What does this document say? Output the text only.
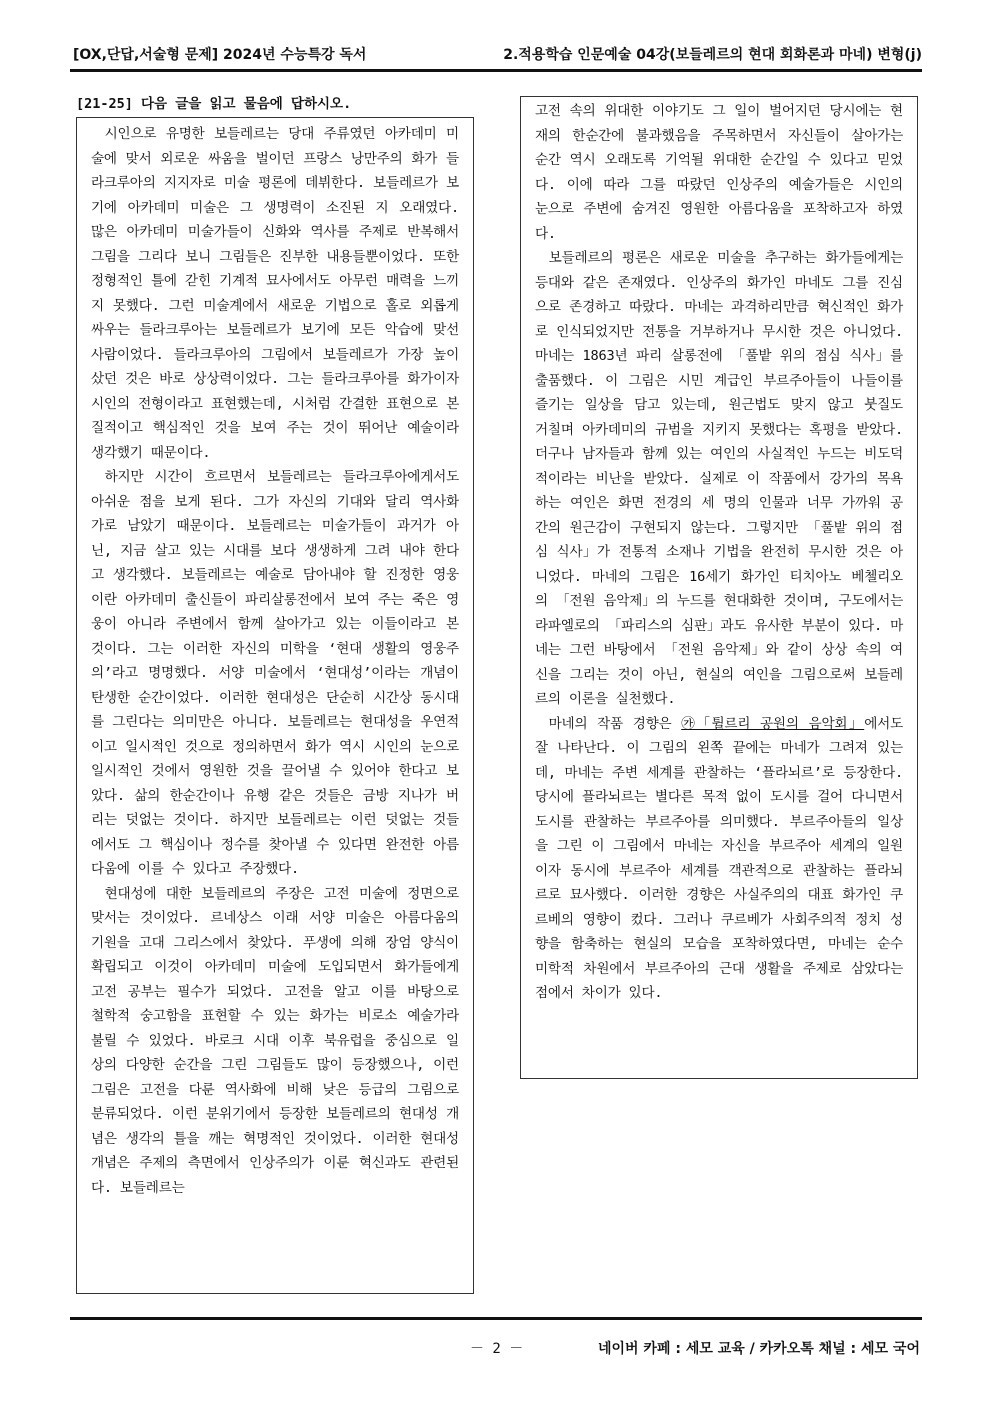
[OX,단답,서술형 문제] 2024년 수능특강 독서	2.적용학습 인문예술 04강(보들레르의 현대 회화론과 마네) 변형(j)
[21-25] 다음 글을 읽고 물음에 답하시오.

시인으로 유명한 보들레르는 당대 주류였던 아카데미 미술에 맞서 외로운 싸움을 벌이던 프랑스 낭만주의 화가 들라크루아의 지지자로 미술 평론에 데뷔한다. 보들레르가 보기에 아카데미 미술은 그 생명력이 소진된 지 오래였다. 많은 아카데미 미술가들이 신화와 역사를 주제로 반복해서 그림을 그리다 보니 그림들은 진부한 내용들뿐이었다. 또한 정형적인 틀에 갇힌 기계적 묘사에서도 아무런 매력을 느끼지 못했다. 그런 미술계에서 새로운 기법으로 홀로 외롭게 싸우는 들라크루아는 보들레르가 보기에 모든 악습에 맞선 사람이었다. 들라크루아의 그림에서 보들레르가 가장 높이 샀던 것은 바로 상상력이었다. 그는 들라크루아를 화가이자 시인의 전형이라고 표현했는데, 시처럼 간결한 표현으로 본질적이고 핵심적인 것을 보여 주는 것이 뛰어난 예술이라 생각했기 때문이다.

하지만 시간이 흐르면서 보들레르는 들라크루아에게서도 아쉬운 점을 보게 된다. 그가 자신의 기대와 달리 역사화가로 남았기 때문이다. 보들레르는 미술가들이 과거가 아닌, 지금 살고 있는 시대를 보다 생생하게 그려 내야 한다고 생각했다. 보들레르는 예술로 담아내야 할 진정한 영웅이란 아카데미 출신들이 파리살롱전에서 보여 주는 죽은 영웅이 아니라 주변에서 함께 살아가고 있는 이들이라고 본 것이다. 그는 이러한 자신의 미학을 ‘현대 생활의 영웅주의’라고 명명했다. 서양 미술에서 ‘현대성’이라는 개념이 탄생한 순간이었다. 이러한 현대성은 단순히 시간상 동시대를 그린다는 의미만은 아니다. 보들레르는 현대성을 우연적이고 일시적인 것으로 정의하면서 화가 역시 시인의 눈으로 일시적인 것에서 영원한 것을 끌어낼 수 있어야 한다고 보았다. 삶의 한순간이나 유행 같은 것들은 금방 지나가 버리는 덧없는 것이다. 하지만 보들레르는 이런 덧없는 것들에서도 그 핵심이나 정수를 찾아낼 수 있다면 완전한 아름다움에 이를 수 있다고 주장했다.

현대성에 대한 보들레르의 주장은 고전 미술에 정면으로 맞서는 것이었다. 르네상스 이래 서양 미술은 아름다움의 기원을 고대 그리스에서 찾았다. 푸생에 의해 장엄 양식이 확립되고 이것이 아카데미 미술에 도입되면서 화가들에게 고전 공부는 필수가 되었다. 고전을 알고 이를 바탕으로 철학적 숭고함을 표현할 수 있는 화가는 비로소 예술가라 불릴 수 있었다. 바로크 시대 이후 북유럽을 중심으로 일상의 다양한 순간을 그린 그림들도 많이 등장했으나, 이런 그림은 고전을 다룬 역사화에 비해 낮은 등급의 그림으로 분류되었다. 이런 분위기에서 등장한 보들레르의 현대성 개념은 생각의 틀을 깨는 혁명적인 것이었다. 이러한 현대성 개념은 주제의 측면에서 인상주의가 이룬 혁신과도 관련된다. 보들레르는

고전 속의 위대한 이야기도 그 일이 벌어지던 당시에는 현재의 한순간에 불과했음을 주목하면서 자신들이 살아가는 순간 역시 오래도록 기억될 위대한 순간일 수 있다고 믿었다. 이에 따라 그를 따랐던 인상주의 예술가들은 시인의 눈으로 주변에 숨겨진 영원한 아름다움을 포착하고자 하였다.

보들레르의 평론은 새로운 미술을 추구하는 화가들에게는 등대와 같은 존재였다. 인상주의 화가인 마네도 그를 진심으로 존경하고 따랐다. 마네는 과격하리만큼 혁신적인 화가로 인식되었지만 전통을 거부하거나 무시한 것은 아니었다. 마네는 1863년 파리 살롱전에 「풀밭 위의 점심 식사」를 출품했다. 이 그림은 시민 계급인 부르주아들이 나들이를 즐기는 일상을 담고 있는데, 원근법도 맞지 않고 붓질도 거칠며 아카데미의 규범을 지키지 못했다는 혹평을 받았다. 더구나 남자들과 함께 있는 여인의 사실적인 누드는 비도덕적이라는 비난을 받았다. 실제로 이 작품에서 강가의 목욕하는 여인은 화면 전경의 세 명의 인물과 너무 가까워 공간의 원근감이 구현되지 않는다. 그렇지만 「풀밭 위의 점심 식사」가 전통적 소재나 기법을 완전히 무시한 것은 아니었다. 마네의 그림은 16세기 화가인 티치아노 베첼리오의 「전원 음악제」의 누드를 현대화한 것이며, 구도에서는 라파엘로의 「파리스의 심판」과도 유사한 부분이 있다. 마네는 그런 바탕에서 「전원 음악제」와 같이 상상 속의 여신을 그리는 것이 아닌, 현실의 여인을 그림으로써 보들레르의 이론을 실천했다.

마네의 작품 경향은 ㉮「튈르리 공원의 음악회」에서도 잘 나타난다. 이 그림의 왼쪽 끝에는 마네가 그려져 있는데, 마네는 주변 세계를 관찰하는 ‘플라뇌르’로 등장한다. 당시에 플라뇌르는 별다른 목적 없이 도시를 걸어 다니면서 도시를 관찰하는 부르주아를 의미했다. 부르주아들의 일상을 그린 이 그림에서 마네는 자신을 부르주아 세계의 일원이자 동시에 부르주아 세계를 객관적으로 관찰하는 플라뇌르로 묘사했다. 이러한 경향은 사실주의의 대표 화가인 쿠르베의 영향이 컸다. 그러나 쿠르베가 사회주의적 정치 성향을 함축하는 현실의 모습을 포착하였다면, 마네는 순수 미학적 차원에서 부르주아의 근대 생활을 주제로 삼았다는 점에서 차이가 있다.

－ 2 －	네이버 카페 : 세모 교육 / 카카오톡 채널 : 세모 국어
